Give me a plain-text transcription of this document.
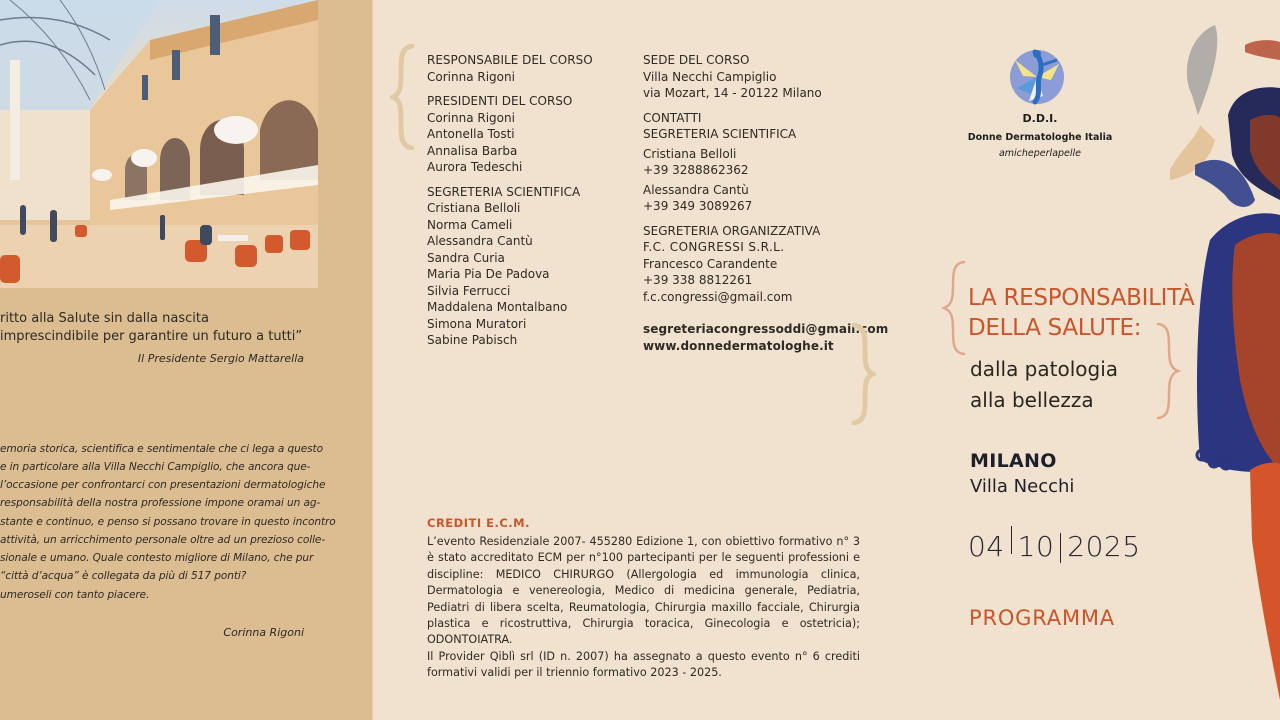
ritto alla Salute sin dalla nascita
imprescindibile per garantire un futuro a tutti”
Il Presidente Sergio Mattarella
emoria storica, scientifica e sentimentale che ci lega a questo
e in particolare alla Villa Necchi Campiglio, che ancora que-
l’occasione per confrontarci con presentazioni dermatologiche
responsabilità della nostra professione impone oramai un ag-
stante e continuo, e penso si possano trovare in questo incontro
attività, un arricchimento personale oltre ad un prezioso colle-
sionale e umano. Quale contesto migliore di Milano, che pur
“città d’acqua” è collegata da più di 517 ponti?
umeroseli con tanto piacere.
Corinna Rigoni
RESPONSABILE DEL CORSO
Corinna Rigoni
PRESIDENTI DEL CORSO
Corinna Rigoni
Antonella Tosti
Annalisa Barba
Aurora Tedeschi
SEGRETERIA SCIENTIFICA
Cristiana Belloli
Norma Cameli
Alessandra Cantù
Sandra Curia
Maria Pia De Padova
Silvia Ferrucci
Maddalena Montalbano
Simona Muratori
Sabine Pabisch
SEDE DEL CORSO
Villa Necchi Campiglio
via Mozart, 14 - 20122 Milano
CONTATTI
SEGRETERIA SCIENTIFICA
Cristiana Belloli
+39 3288862362
Alessandra Cantù
+39 349 3089267
SEGRETERIA ORGANIZZATIVA
F.C. CONGRESSI S.R.L.
Francesco Carandente
+39 338 8812261
f.c.congressi@gmail.com
segreteriacongressoddi@gmail.com
www.donnedermatologhe.it
CREDITI E.C.M.
L’evento Residenziale 2007- 455280 Edizione 1, con obiettivo formativo n° 3 è stato accreditato ECM per n°100 partecipanti per le seguenti professioni e discipline: MEDICO CHIRURGO (Allergologia ed immunologia clinica, Dermatologia e venereologia, Medico di medicina generale, Pediatria, Pediatri di libera scelta, Reumatologia, Chirurgia maxillo facciale, Chirurgia plastica e ricostruttiva, Chirurgia toracica, Ginecologia e ostetricia); ODONTOIATRA.
Il Provider Qiblì srl (ID n. 2007) ha assegnato a questo evento n° 6 crediti formativi validi per il triennio formativo 2023 - 2025.
D.D.I.
Donne Dermatologhe Italia
amicheperlapelle
LA RESPONSABILITÀ
DELLA SALUTE:
dalla patologia
alla bellezza
MILANO
Villa Necchi
04 10 2025
PROGRAMMA
